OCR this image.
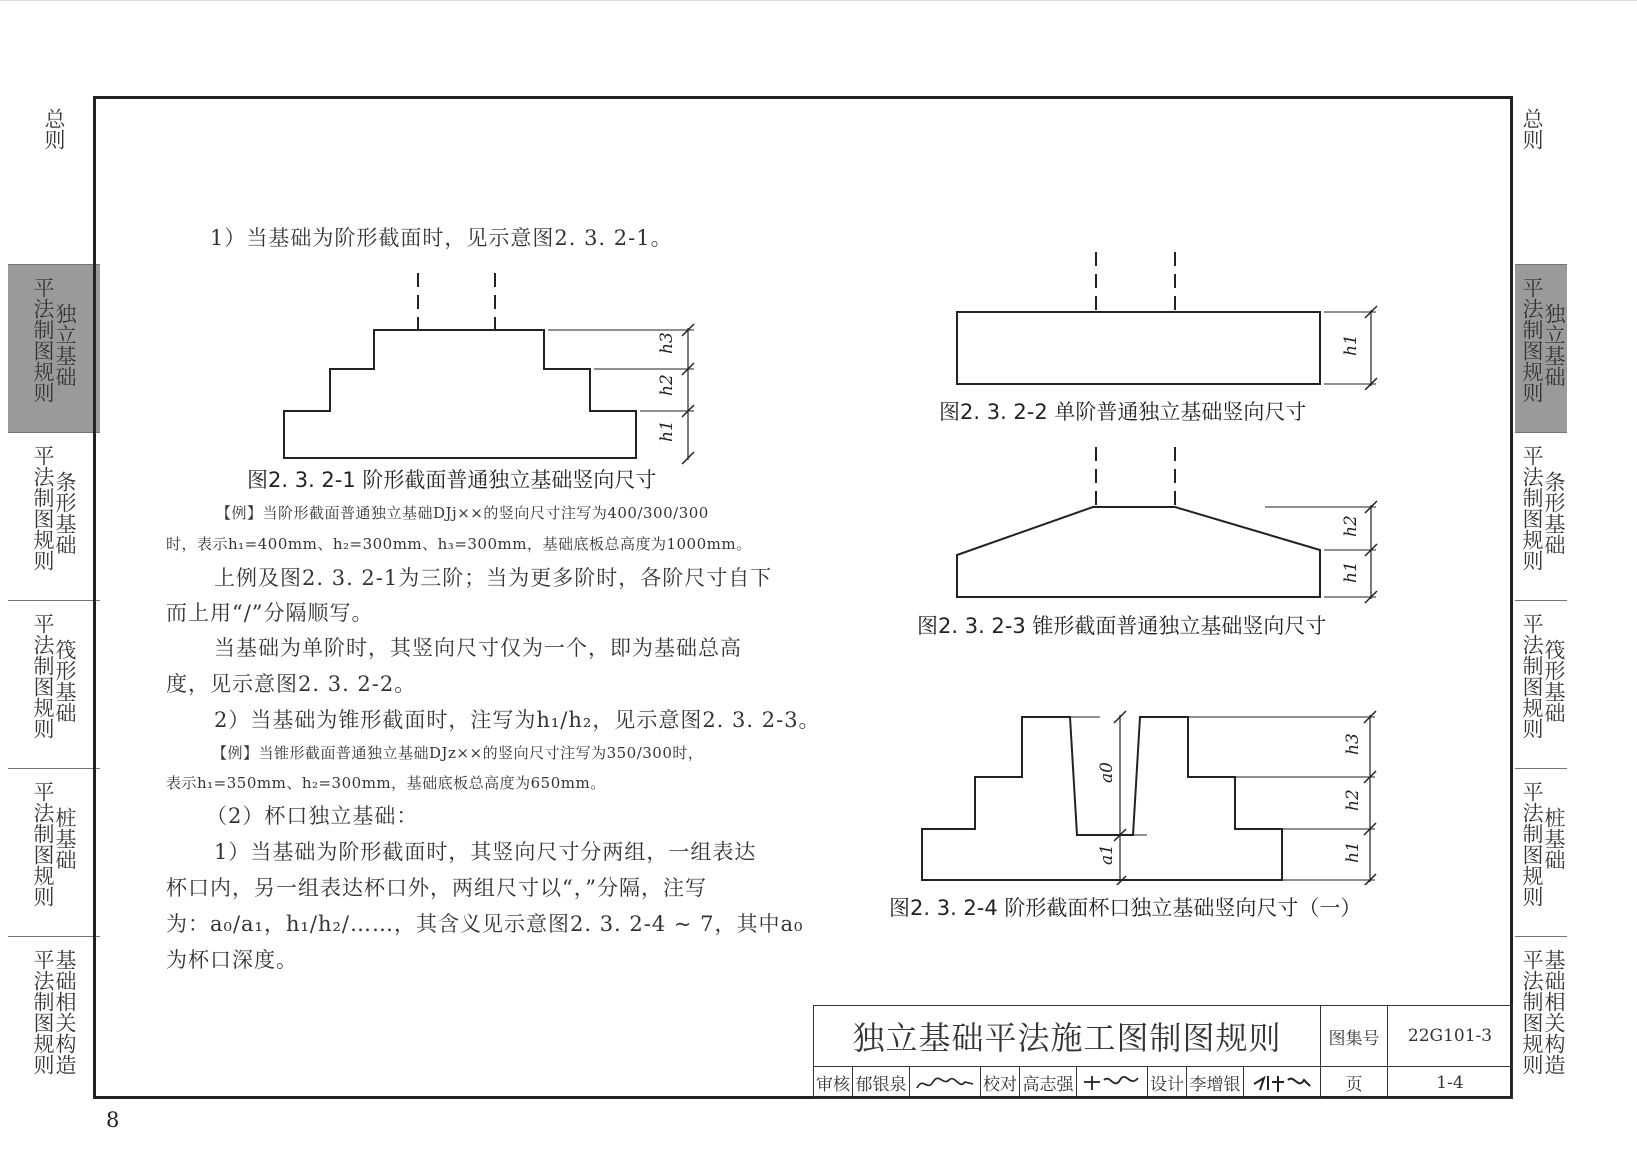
总则
平法制图规则
独立基础
平法制图规则
条形基础
平法制图规则
筏形基础
平法制图规则
桩基础
平法制图规则
基础相关构造
总则
平法制图规则
独立基础
平法制图规则
条形基础
平法制图规则
筏形基础
平法制图规则
桩基础
平法制图规则
基础相关构造
1）当基础为阶形截面时，见示意图2. 3. 2-1。
h3
h2
h1
图2. 3. 2-1 阶形截面普通独立基础竖向尺寸
【例】当阶形截面普通独立基础DJj××的竖向尺寸注写为400/300/300
时，表示h₁=400mm、h₂=300mm、h₃=300mm，基础底板总高度为1000mm。
上例及图2. 3. 2-1为三阶；当为更多阶时，各阶尺寸自下
而上用“/”分隔顺写。
当基础为单阶时，其竖向尺寸仅为一个，即为基础总高
度，见示意图2. 3. 2-2。
2）当基础为锥形截面时，注写为h₁/h₂，见示意图2. 3. 2-3。
【例】当锥形截面普通独立基础DJz××的竖向尺寸注写为350/300时，
表示h₁=350mm、h₂=300mm，基础底板总高度为650mm。
（2）杯口独立基础：
1）当基础为阶形截面时，其竖向尺寸分两组，一组表达
杯口内，另一组表达杯口外，两组尺寸以“，”分隔，注写
为：a₀/a₁，h₁/h₂/……，其含义见示意图2. 3. 2-4 ~ 7，其中a₀
为杯口深度。
h1
图2. 3. 2-2 单阶普通独立基础竖向尺寸
h2
h1
图2. 3. 2-3 锥形截面普通独立基础竖向尺寸
a0
a1
h3
h2
h1
图2. 3. 2-4 阶形截面杯口独立基础竖向尺寸（一）
独立基础平法施工图制图规则	图集号	22G101-3
审核 郁银泉	校对 高志强	设计 李增银	页	1-4
8
